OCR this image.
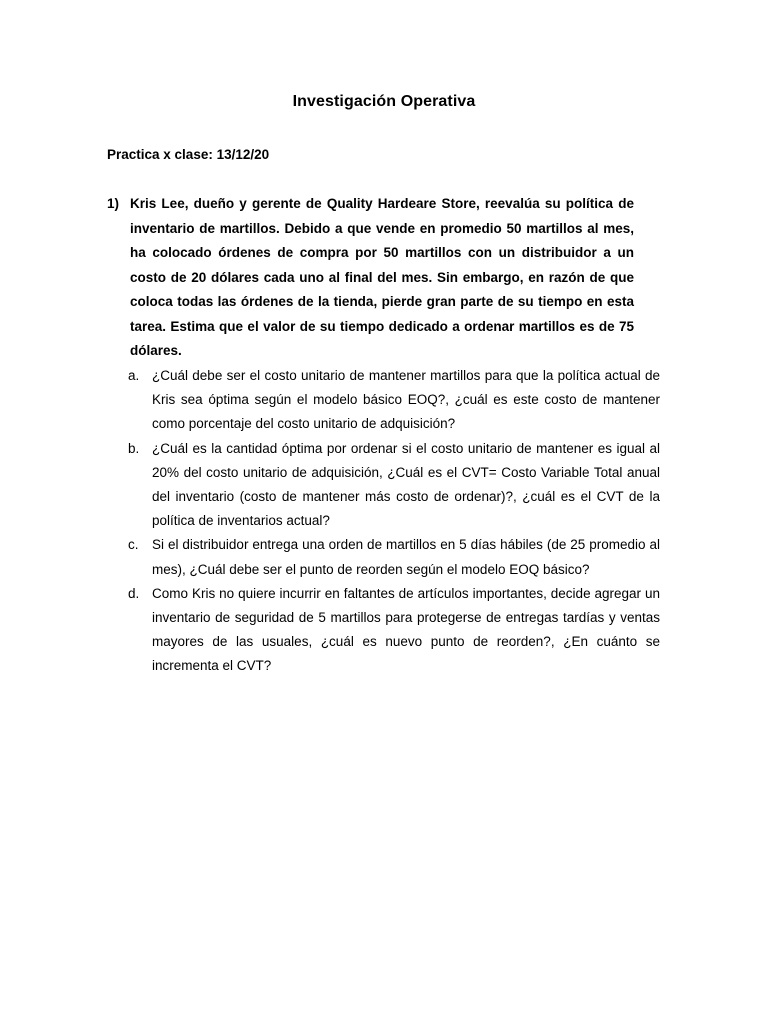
Investigación Operativa
Practica x clase: 13/12/20
1) Kris Lee, dueño y gerente de Quality Hardeare Store, reevalúa su política de inventario de martillos. Debido a que vende en promedio 50 martillos al mes, ha colocado órdenes de compra por 50 martillos con un distribuidor a un costo de 20 dólares cada uno al final del mes. Sin embargo, en razón de que coloca todas las órdenes de la tienda, pierde gran parte de su tiempo en esta tarea. Estima que el valor de su tiempo dedicado a ordenar martillos es de 75 dólares.
a. ¿Cuál debe ser el costo unitario de mantener martillos para que la política actual de Kris sea óptima según el modelo básico EOQ?, ¿cuál es este costo de mantener como porcentaje del costo unitario de adquisición?
b. ¿Cuál es la cantidad óptima por ordenar si el costo unitario de mantener es igual al 20% del costo unitario de adquisición, ¿Cuál es el CVT= Costo Variable Total anual del inventario (costo de mantener más costo de ordenar)?, ¿cuál es el CVT de la política de inventarios actual?
c. Si el distribuidor entrega una orden de martillos en 5 días hábiles (de 25 promedio al mes), ¿Cuál debe ser el punto de reorden según el modelo EOQ básico?
d. Como Kris no quiere incurrir en faltantes de artículos importantes, decide agregar un inventario de seguridad de 5 martillos para protegerse de entregas tardías y ventas mayores de las usuales, ¿cuál es nuevo punto de reorden?, ¿En cuánto se incrementa el CVT?
